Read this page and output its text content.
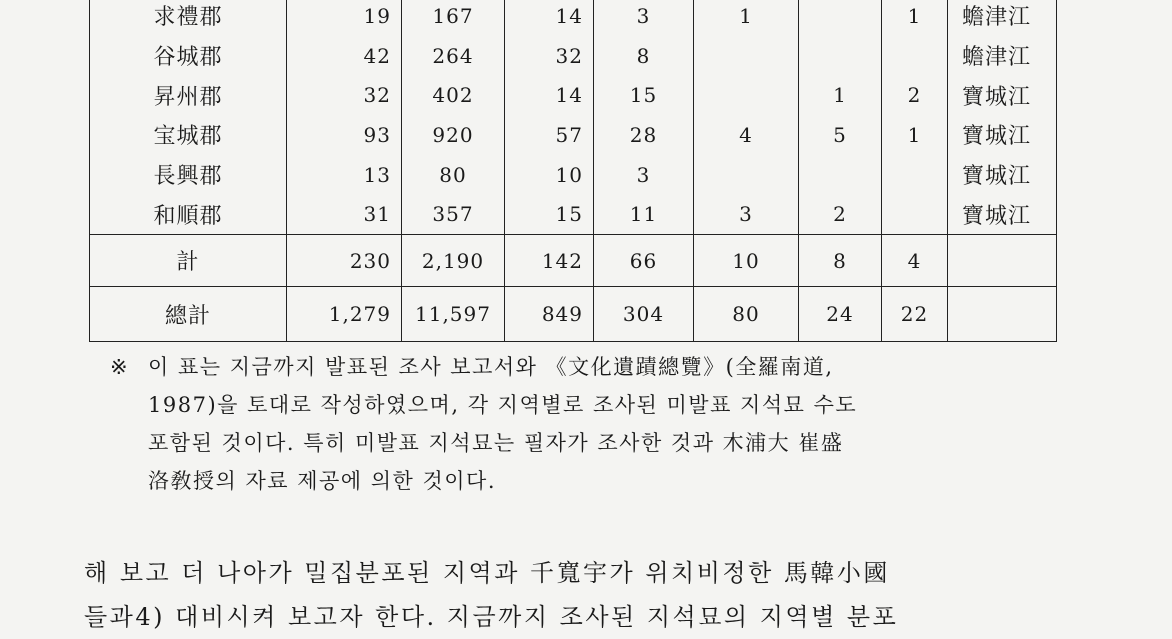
求禮郡	19	167	14	3	1		1	蟾津江
谷城郡	42	264	32	8				蟾津江
昇州郡	32	402	14	15		1	2	寶城江
宝城郡	93	920	57	28	4	5	1	寶城江
長興郡	13	80	10	3				寶城江
和順郡	31	357	15	11	3	2		寶城江
計	230	2,190	142	66	10	8	4	
總計	1,279	11,597	849	304	80	24	22	
※ 이 표는 지금까지 발표된 조사 보고서와 《文化遺蹟總覽》(全羅南道,
1987)을 토대로 작성하였으며, 각 지역별로 조사된 미발표 지석묘 수도
포함된 것이다. 특히 미발표 지석묘는 필자가 조사한 것과 木浦大 崔盛
洛敎授의 자료 제공에 의한 것이다.
해 보고 더 나아가 밀집분포된 지역과 千寬宇가 위치비정한 馬韓小國
들과4) 대비시켜 보고자 한다. 지금까지 조사된 지석묘의 지역별 분포
